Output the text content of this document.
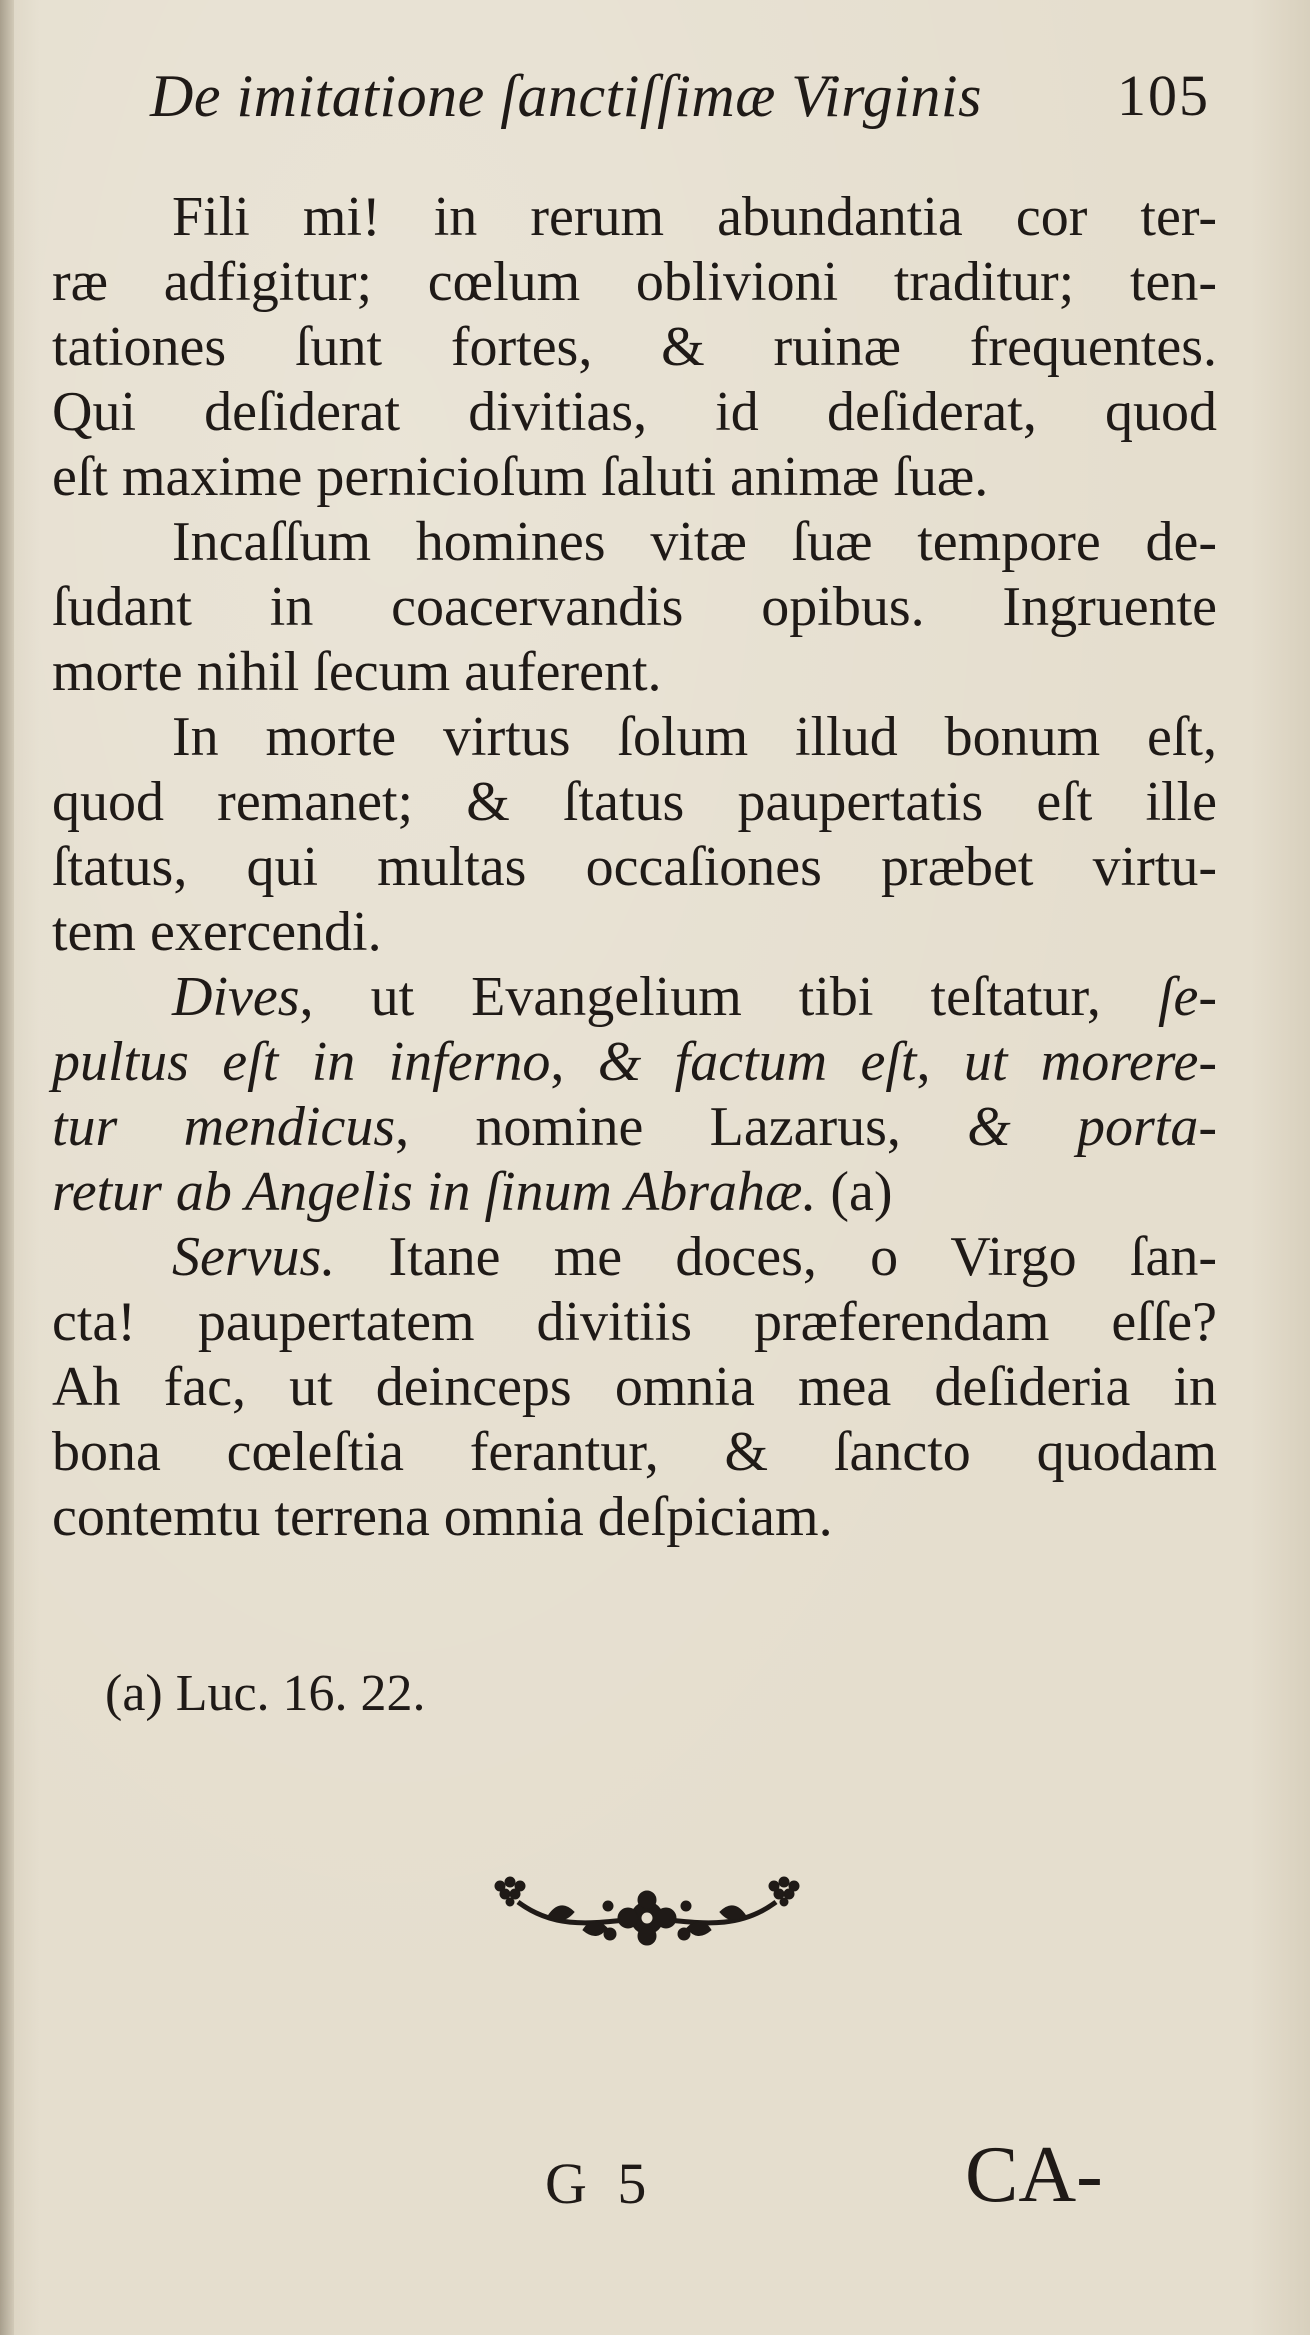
De imitatione ſanctiſſimæ Virginis 105
Fili mi! in rerum abundantia cor ter-
ræ adfigitur; cœlum oblivioni traditur; ten-
tationes ſunt fortes, & ruinæ frequentes.
Qui deſiderat divitias, id deſiderat, quod
eſt maxime pernicioſum ſaluti animæ ſuæ.
Incaſſum homines vitæ ſuæ tempore de-
ſudant in coacervandis opibus. Ingruente
morte nihil ſecum auferent.
In morte virtus ſolum illud bonum eſt,
quod remanet; & ſtatus paupertatis eſt ille
ſtatus, qui multas occaſiones præbet virtu-
tem exercendi.
Dives, ut Evangelium tibi teſtatur, ſe-
pultus eſt in inferno, & factum eſt, ut morere-
tur mendicus, nomine Lazarus, & porta-
retur ab Angelis in ſinum Abrahæ. (a)
Servus. Itane me doces, o Virgo ſan-
cta! paupertatem divitiis præferendam eſſe?
Ah fac, ut deinceps omnia mea deſideria in
bona cœleſtia ferantur, & ſancto quodam
contemtu terrena omnia deſpiciam.
(a) Luc. 16. 22.
G 5	CA-
